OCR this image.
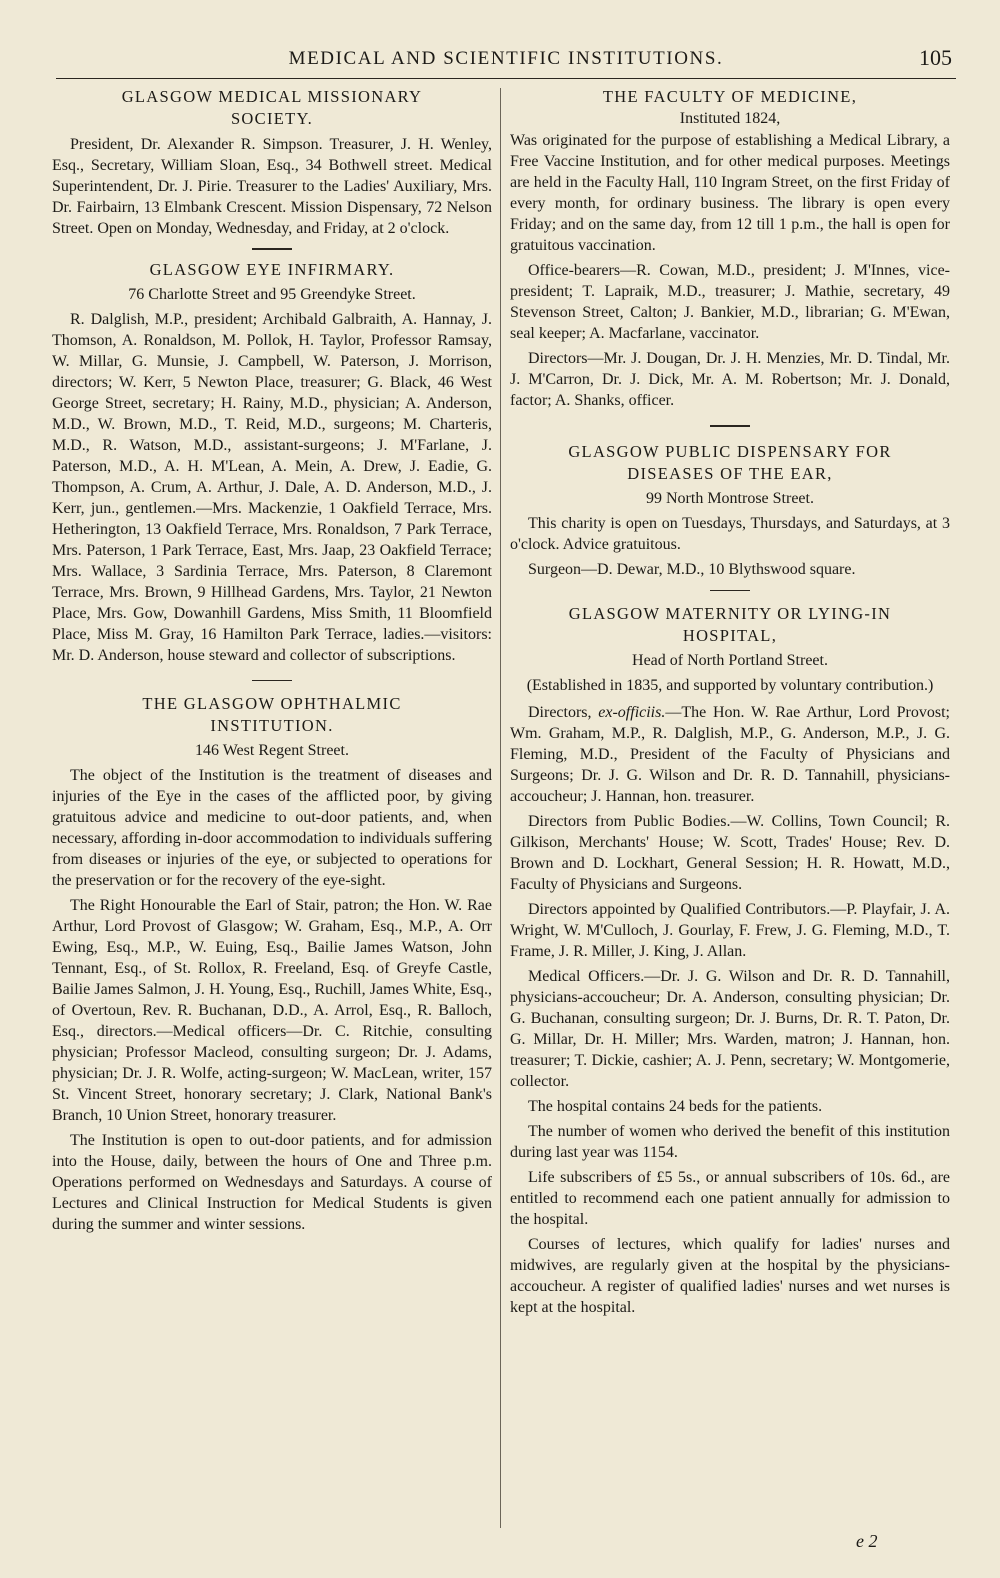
MEDICAL AND SCIENTIFIC INSTITUTIONS.	105
GLASGOW MEDICAL MISSIONARY
SOCIETY.

President, Dr. Alexander R. Simpson. Treasurer, J. H. Wenley, Esq., Secretary, William Sloan, Esq., 34 Bothwell street. Medical Superintendent, Dr. J. Pirie. Treasurer to the Ladies' Auxiliary, Mrs. Dr. Fairbairn, 13 Elmbank Crescent. Mission Dispensary, 72 Nelson Street. Open on Monday, Wednesday, and Friday, at 2 o'clock.

GLASGOW EYE INFIRMARY.
76 Charlotte Street and 95 Greendyke Street.

R. Dalglish, M.P., president; Archibald Galbraith, A. Hannay, J. Thomson, A. Ronaldson, M. Pollok, H. Taylor, Professor Ramsay, W. Millar, G. Munsie, J. Campbell, W. Paterson, J. Morrison, directors; W. Kerr, 5 Newton Place, treasurer; G. Black, 46 West George Street, secretary; H. Rainy, M.D., physician; A. Anderson, M.D., W. Brown, M.D., T. Reid, M.D., surgeons; M. Charteris, M.D., R. Watson, M.D., assistant-surgeons; J. M'Farlane, J. Paterson, M.D., A. H. M'Lean, A. Mein, A. Drew, J. Eadie, G. Thompson, A. Crum, A. Arthur, J. Dale, A. D. Anderson, M.D., J. Kerr, jun., gentlemen.—Mrs. Mackenzie, 1 Oakfield Terrace, Mrs. Hetherington, 13 Oakfield Terrace, Mrs. Ronaldson, 7 Park Terrace, Mrs. Paterson, 1 Park Terrace, East, Mrs. Jaap, 23 Oakfield Terrace; Mrs. Wallace, 3 Sardinia Terrace, Mrs. Paterson, 8 Claremont Terrace, Mrs. Brown, 9 Hillhead Gardens, Mrs. Taylor, 21 Newton Place, Mrs. Gow, Dowanhill Gardens, Miss Smith, 11 Bloomfield Place, Miss M. Gray, 16 Hamilton Park Terrace, ladies.—visitors: Mr. D. Anderson, house steward and collector of subscriptions.

THE GLASGOW OPHTHALMIC
INSTITUTION.
146 West Regent Street.

The object of the Institution is the treatment of diseases and injuries of the Eye in the cases of the afflicted poor, by giving gratuitous advice and medicine to out-door patients, and, when necessary, affording in-door accommodation to individuals suffering from diseases or injuries of the eye, or subjected to operations for the preservation or for the recovery of the eye-sight.

The Right Honourable the Earl of Stair, patron; the Hon. W. Rae Arthur, Lord Provost of Glasgow; W. Graham, Esq., M.P., A. Orr Ewing, Esq., M.P., W. Euing, Esq., Bailie James Watson, John Tennant, Esq., of St. Rollox, R. Freeland, Esq. of Greyfe Castle, Bailie James Salmon, J. H. Young, Esq., Ruchill, James White, Esq., of Overtoun, Rev. R. Buchanan, D.D., A. Arrol, Esq., R. Balloch, Esq., directors.—Medical officers—Dr. C. Ritchie, consulting physician; Professor Macleod, consulting surgeon; Dr. J. Adams, physician; Dr. J. R. Wolfe, acting-surgeon; W. MacLean, writer, 157 St. Vincent Street, honorary secretary; J. Clark, National Bank's Branch, 10 Union Street, honorary treasurer.

The Institution is open to out-door patients, and for admission into the House, daily, between the hours of One and Three p.m. Operations performed on Wednesdays and Saturdays. A course of Lectures and Clinical Instruction for Medical Students is given during the summer and winter sessions.

THE FACULTY OF MEDICINE,
Instituted 1824,

Was originated for the purpose of establishing a Medical Library, a Free Vaccine Institution, and for other medical purposes. Meetings are held in the Faculty Hall, 110 Ingram Street, on the first Friday of every month, for ordinary business. The library is open every Friday; and on the same day, from 12 till 1 p.m., the hall is open for gratuitous vaccination.

Office-bearers—R. Cowan, M.D., president; J. M'Innes, vice-president; T. Lapraik, M.D., treasurer; J. Mathie, secretary, 49 Stevenson Street, Calton; J. Bankier, M.D., librarian; G. M'Ewan, seal keeper; A. Macfarlane, vaccinator.

Directors—Mr. J. Dougan, Dr. J. H. Menzies, Mr. D. Tindal, Mr. J. M'Carron, Dr. J. Dick, Mr. A. M. Robertson; Mr. J. Donald, factor; A. Shanks, officer.

GLASGOW PUBLIC DISPENSARY FOR
DISEASES OF THE EAR,
99 North Montrose Street.

This charity is open on Tuesdays, Thursdays, and Saturdays, at 3 o'clock. Advice gratuitous.

Surgeon—D. Dewar, M.D., 10 Blythswood square.

GLASGOW MATERNITY OR LYING-IN
HOSPITAL,
Head of North Portland Street.
(Established in 1835, and supported by voluntary contribution.)

Directors, ex-officiis.—The Hon. W. Rae Arthur, Lord Provost; Wm. Graham, M.P., R. Dalglish, M.P., G. Anderson, M.P., J. G. Fleming, M.D., President of the Faculty of Physicians and Surgeons; Dr. J. G. Wilson and Dr. R. D. Tannahill, physicians-accoucheur; J. Hannan, hon. treasurer.

Directors from Public Bodies.—W. Collins, Town Council; R. Gilkison, Merchants' House; W. Scott, Trades' House; Rev. D. Brown and D. Lockhart, General Session; H. R. Howatt, M.D., Faculty of Physicians and Surgeons.

Directors appointed by Qualified Contributors.—P. Playfair, J. A. Wright, W. M'Culloch, J. Gourlay, F. Frew, J. G. Fleming, M.D., T. Frame, J. R. Miller, J. King, J. Allan.

Medical Officers.—Dr. J. G. Wilson and Dr. R. D. Tannahill, physicians-accoucheur; Dr. A. Anderson, consulting physician; Dr. G. Buchanan, consulting surgeon; Dr. J. Burns, Dr. R. T. Paton, Dr. G. Millar, Dr. H. Miller; Mrs. Warden, matron; J. Hannan, hon. treasurer; T. Dickie, cashier; A. J. Penn, secretary; W. Montgomerie, collector.

The hospital contains 24 beds for the patients.

The number of women who derived the benefit of this institution during last year was 1154.

Life subscribers of £5 5s., or annual subscribers of 10s. 6d., are entitled to recommend each one patient annually for admission to the hospital.

Courses of lectures, which qualify for ladies' nurses and midwives, are regularly given at the hospital by the physicians-accoucheur. A register of qualified ladies' nurses and wet nurses is kept at the hospital.

e 2
